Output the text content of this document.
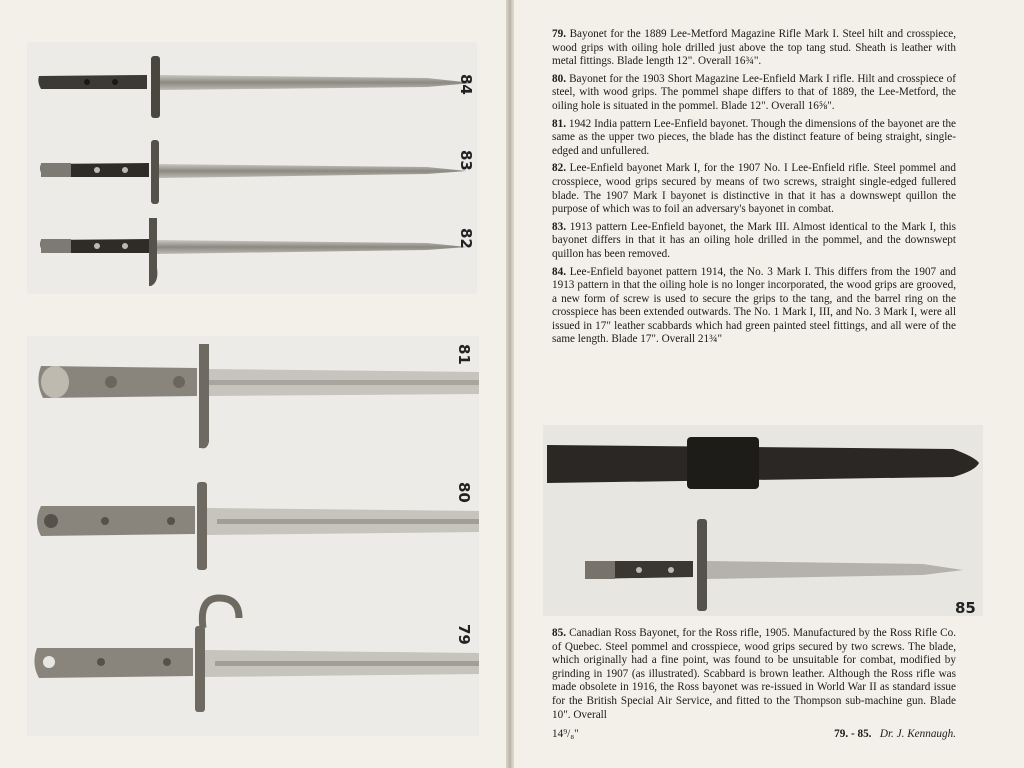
84
83
82
81
80
79

79. Bayonet for the 1889 Lee-Metford Magazine Rifle Mark I. Steel hilt and crosspiece, wood grips with oiling hole drilled just above the top tang stud. Sheath is leather with metal fittings. Blade length 12". Overall 16¾".

80. Bayonet for the 1903 Short Magazine Lee-Enfield Mark I rifle. Hilt and crosspiece of steel, with wood grips. The pommel shape differs to that of 1889, the Lee-Metford, the oiling hole is situated in the pommel. Blade 12". Overall 16⅝".

81. 1942 India pattern Lee-Enfield bayonet. Though the dimensions of the bayonet are the same as the upper two pieces, the blade has the distinct feature of being straight, single-edged and unfullered.

82. Lee-Enfield bayonet Mark I, for the 1907 No. I Lee-Enfield rifle. Steel pommel and crosspiece, wood grips secured by means of two screws, straight single-edged fullered blade. The 1907 Mark I bayonet is distinctive in that it has a downswept quillon the purpose of which was to foil an adversary's bayonet in combat.

83. 1913 pattern Lee-Enfield bayonet, the Mark III. Almost identical to the Mark I, this bayonet differs in that it has an oiling hole drilled in the pommel, and the downswept quillon has been removed.

84. Lee-Enfield bayonet pattern 1914, the No. 3 Mark I. This differs from the 1907 and 1913 pattern in that the oiling hole is no longer incorporated, the wood grips are grooved, a new form of screw is used to secure the grips to the tang, and the barrel ring on the crosspiece has been extended outwards. The No. 1 Mark I, III, and No. 3 Mark I, were all issued in 17" leather scabbards which had green painted steel fittings, and all were of the same length. Blade 17". Overall 21¾"

85

85. Canadian Ross Bayonet, for the Ross rifle, 1905. Manufactured by the Ross Rifle Co. of Quebec. Steel pommel and crosspiece, wood grips secured by two screws. The blade, which originally had a fine point, was found to be unsuitable for combat, modified by grinding in 1907 (as illustrated). Scabbard is brown leather. Although the Ross rifle was made obsolete in 1916, the Ross bayonet was re-issued in World War II as standard issue for the British Special Air Service, and fitted to the Thompson sub-machine gun. Blade 10". Overall

14⁹/₈"	79. - 85. Dr. J. Kennaugh.
